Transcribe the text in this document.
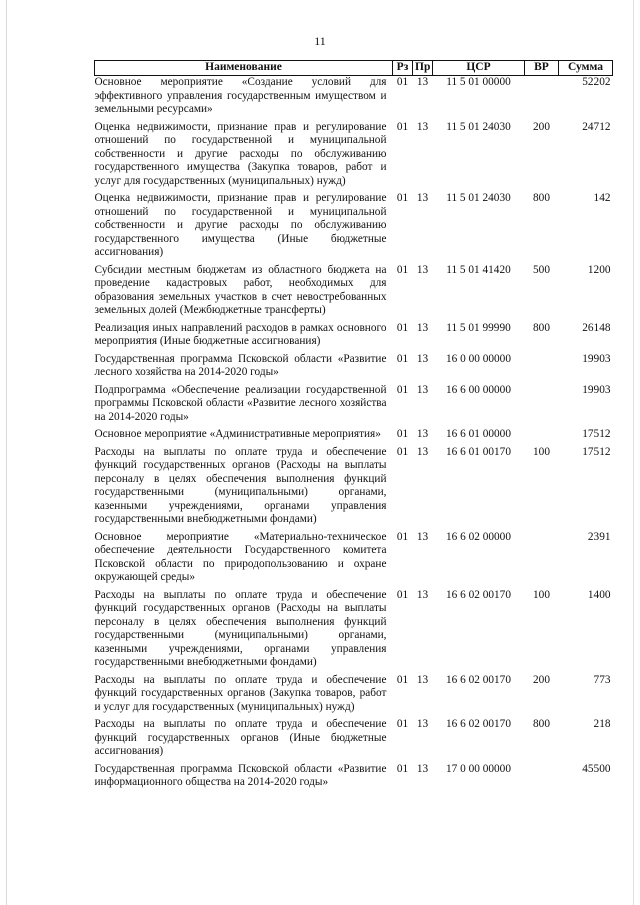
11
Наименование	Рз	Пр	ЦСР	ВР	Сумма
Основное мероприятие «Создание условий для эффективного управления государственным имуществом и земельными ресурсами»	01	13	11 5 01 00000		52202
Оценка недвижимости, признание прав и регулирование отношений по государственной и муниципальной собственности и другие расходы по обслуживанию государственного имущества (Закупка товаров, работ и услуг для государственных (муниципальных) нужд)	01	13	11 5 01 24030	200	24712
Оценка недвижимости, признание прав и регулирование отношений по государственной и муниципальной собственности и другие расходы по обслуживанию государственного имущества (Иные бюджетные ассигнования)	01	13	11 5 01 24030	800	142
Субсидии местным бюджетам из областного бюджета на проведение кадастровых работ, необходимых для образования земельных участков в счет невостребованных земельных долей (Межбюджетные трансферты)	01	13	11 5 01 41420	500	1200
Реализация иных направлений расходов в рамках основного мероприятия (Иные бюджетные ассигнования)	01	13	11 5 01 99990	800	26148
Государственная программа Псковской области «Развитие лесного хозяйства на 2014-2020 годы»	01	13	16 0 00 00000		19903
Подпрограмма «Обеспечение реализации государственной программы Псковской области «Развитие лесного хозяйства на 2014-2020 годы»	01	13	16 6 00 00000		19903
Основное мероприятие «Административные мероприятия»	01	13	16 6 01 00000		17512
Расходы на выплаты по оплате труда и обеспечение функций государственных органов (Расходы на выплаты персоналу в целях обеспечения выполнения функций государственными (муниципальными) органами, казенными учреждениями, органами управления государственными внебюджетными фондами)	01	13	16 6 01 00170	100	17512
Основное мероприятие «Материально-техническое обеспечение деятельности Государственного комитета Псковской области по природопользованию и охране окружающей среды»	01	13	16 6 02 00000		2391
Расходы на выплаты по оплате труда и обеспечение функций государственных органов (Расходы на выплаты персоналу в целях обеспечения выполнения функций государственными (муниципальными) органами, казенными учреждениями, органами управления государственными внебюджетными фондами)	01	13	16 6 02 00170	100	1400
Расходы на выплаты по оплате труда и обеспечение функций государственных органов (Закупка товаров, работ и услуг для государственных (муниципальных) нужд)	01	13	16 6 02 00170	200	773
Расходы на выплаты по оплате труда и обеспечение функций государственных органов (Иные бюджетные ассигнования)	01	13	16 6 02 00170	800	218
Государственная программа Псковской области «Развитие информационного общества на 2014-2020 годы»	01	13	17 0 00 00000		45500
